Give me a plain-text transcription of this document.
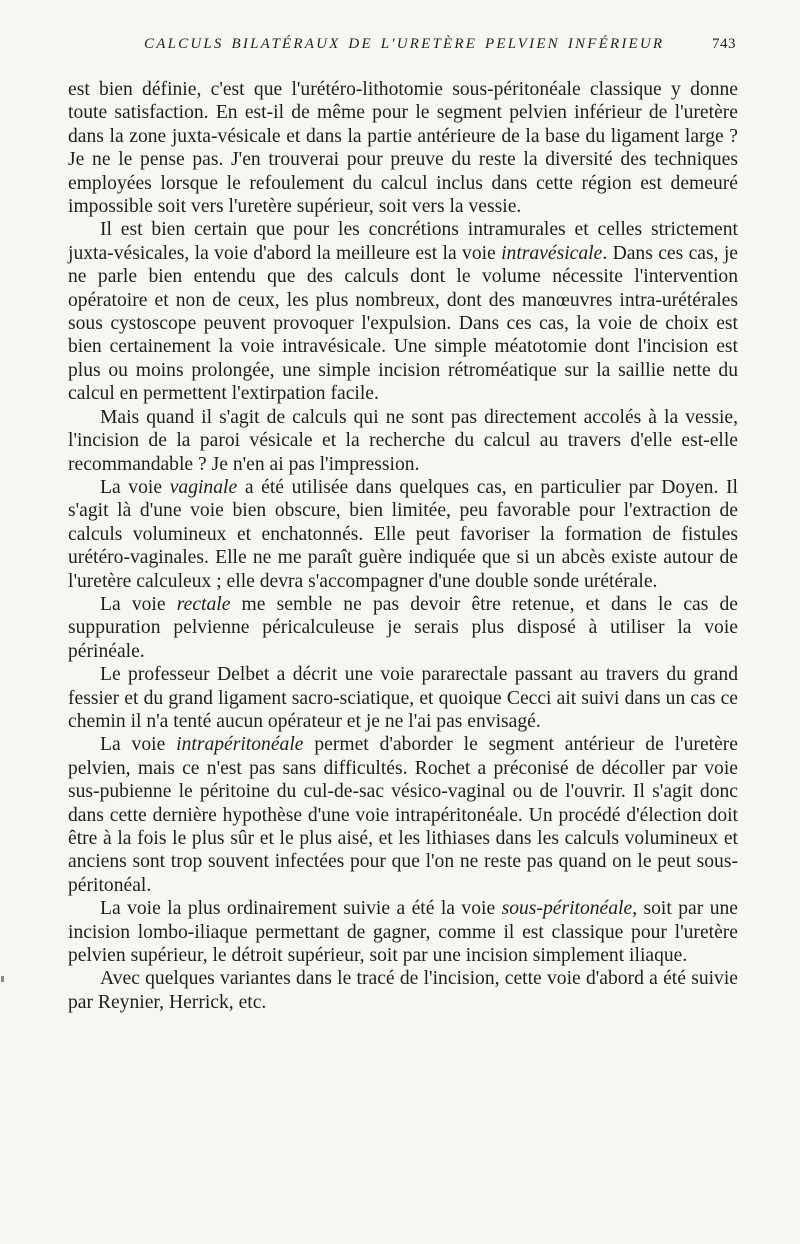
CALCULS BILATÉRAUX DE L'URETÈRE PELVIEN INFÉRIEUR	743

est bien définie, c'est que l'urétéro-lithotomie sous-péritonéale classique y donne toute satisfaction. En est-il de même pour le segment pelvien inférieur de l'uretère dans la zone juxta-vésicale et dans la partie antérieure de la base du ligament large ? Je ne le pense pas. J'en trouverai pour preuve du reste la diversité des techniques employées lorsque le refoulement du calcul inclus dans cette région est demeuré impossible soit vers l'uretère supérieur, soit vers la vessie.

Il est bien certain que pour les concrétions intramurales et celles strictement juxta-vésicales, la voie d'abord la meilleure est la voie intravésicale. Dans ces cas, je ne parle bien entendu que des calculs dont le volume nécessite l'intervention opératoire et non de ceux, les plus nombreux, dont des manœuvres intra-urétérales sous cystoscope peuvent provoquer l'expulsion. Dans ces cas, la voie de choix est bien certainement la voie intravésicale. Une simple méatotomie dont l'incision est plus ou moins prolongée, une simple incision rétroméatique sur la saillie nette du calcul en permettent l'extirpation facile.

Mais quand il s'agit de calculs qui ne sont pas directement accolés à la vessie, l'incision de la paroi vésicale et la recherche du calcul au travers d'elle est-elle recommandable ? Je n'en ai pas l'impression.

La voie vaginale a été utilisée dans quelques cas, en particulier par Doyen. Il s'agit là d'une voie bien obscure, bien limitée, peu favorable pour l'extraction de calculs volumineux et enchatonnés. Elle peut favoriser la formation de fistules urétéro-vaginales. Elle ne me paraît guère indiquée que si un abcès existe autour de l'uretère calculeux ; elle devra s'accompagner d'une double sonde urétérale.

La voie rectale me semble ne pas devoir être retenue, et dans le cas de suppuration pelvienne péricalculeuse je serais plus disposé à utiliser la voie périnéale.

Le professeur Delbet a décrit une voie pararectale passant au travers du grand fessier et du grand ligament sacro-sciatique, et quoique Cecci ait suivi dans un cas ce chemin il n'a tenté aucun opérateur et je ne l'ai pas envisagé.

La voie intrapéritonéale permet d'aborder le segment antérieur de l'uretère pelvien, mais ce n'est pas sans difficultés. Rochet a préconisé de décoller par voie sus-pubienne le péritoine du cul-de-sac vésico-vaginal ou de l'ouvrir. Il s'agit donc dans cette dernière hypothèse d'une voie intrapéritonéale. Un procédé d'élection doit être à la fois le plus sûr et le plus aisé, et les lithiases dans les calculs volumineux et anciens sont trop souvent infectées pour que l'on ne reste pas quand on le peut sous-péritonéal.

La voie la plus ordinairement suivie a été la voie sous-péritonéale, soit par une incision lombo-iliaque permettant de gagner, comme il est classique pour l'uretère pelvien supérieur, le détroit supérieur, soit par une incision simplement iliaque.

Avec quelques variantes dans le tracé de l'incision, cette voie d'abord a été suivie par Reynier, Herrick, etc.
